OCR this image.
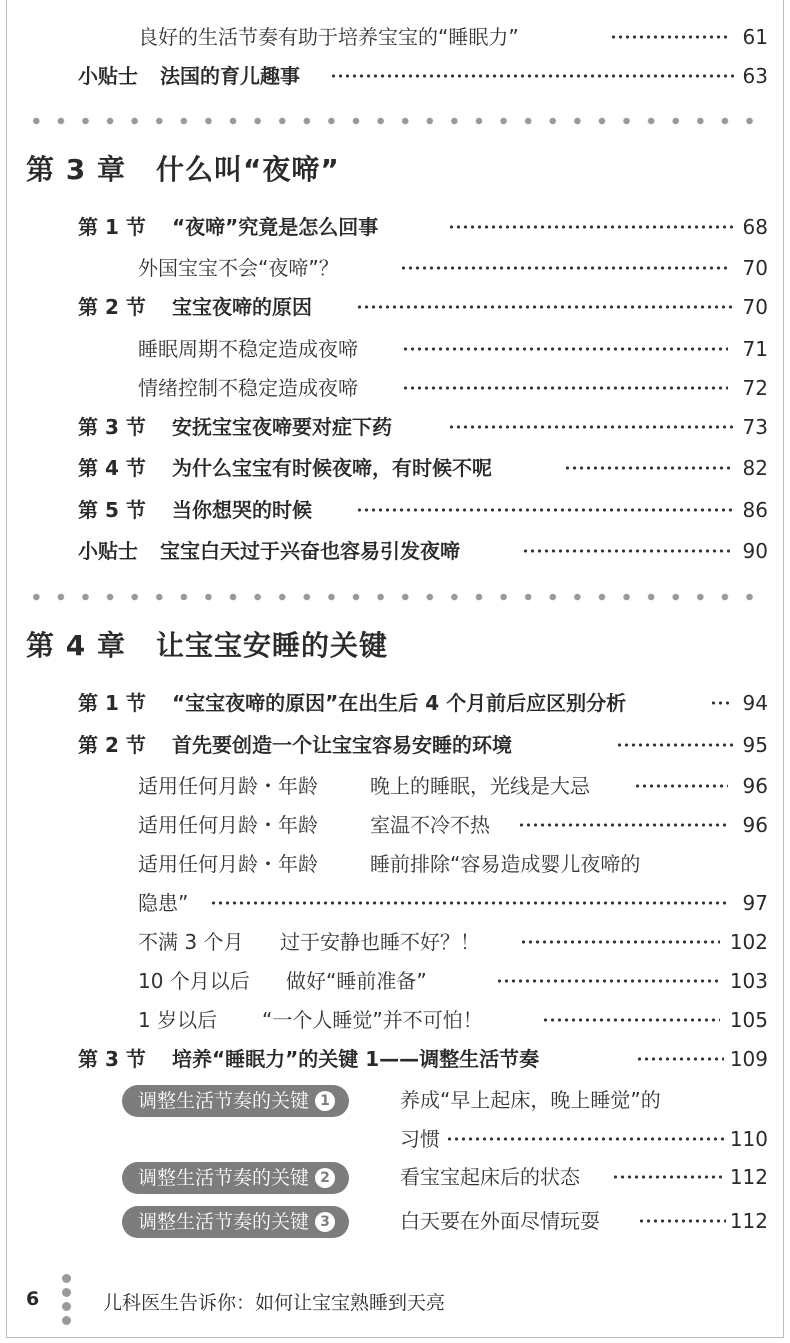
良好的生活节奏有助于培养宝宝的“睡眠力”	61
小贴士 法国的育儿趣事	63
第 3 章 什么叫“夜啼”
第 1 节 “夜啼”究竟是怎么回事	68
外国宝宝不会“夜啼”？	70
第 2 节 宝宝夜啼的原因	70
睡眠周期不稳定造成夜啼	71
情绪控制不稳定造成夜啼	72
第 3 节 安抚宝宝夜啼要对症下药	73
第 4 节 为什么宝宝有时候夜啼，有时候不呢	82
第 5 节 当你想哭的时候	86
小贴士 宝宝白天过于兴奋也容易引发夜啼	90
第 4 章 让宝宝安睡的关键
第 1 节 “宝宝夜啼的原因”在出生后 4 个月前后应区别分析	94
第 2 节 首先要创造一个让宝宝容易安睡的环境	95
适用任何月龄・年龄	晚上的睡眠，光线是大忌	96
适用任何月龄・年龄	室温不冷不热	96
适用任何月龄・年龄	睡前排除“容易造成婴儿夜啼的
隐患”	97
不满 3 个月 过于安静也睡不好？！	102
10 个月以后 做好“睡前准备”	103
1 岁以后 “一个人睡觉”并不可怕！	105
第 3 节 培养“睡眠力”的关键 1——调整生活节奏	109
调整生活节奏的关键 1	养成“早上起床，晚上睡觉”的
习惯	110
调整生活节奏的关键 2	看宝宝起床后的状态	112
调整生活节奏的关键 3	白天要在外面尽情玩耍	112
6	儿科医生告诉你：如何让宝宝熟睡到天亮
